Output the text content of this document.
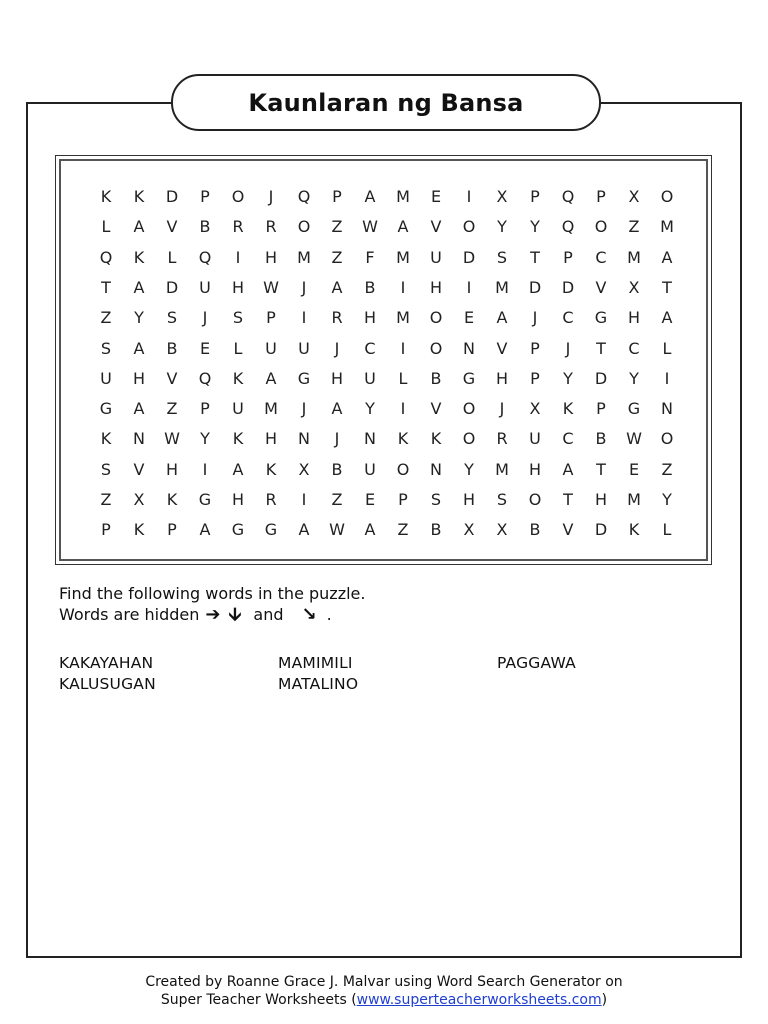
Kaunlaran ng Bansa
K	K	D	P	O	J	Q	P	A	M	E	I	X	P	Q	P	X	O
L	A	V	B	R	R	O	Z	W	A	V	O	Y	Y	Q	O	Z	M
Q	K	L	Q	I	H	M	Z	F	M	U	D	S	T	P	C	M	A
T	A	D	U	H	W	J	A	B	I	H	I	M	D	D	V	X	T
Z	Y	S	J	S	P	I	R	H	M	O	E	A	J	C	G	H	A
S	A	B	E	L	U	U	J	C	I	O	N	V	P	J	T	C	L
U	H	V	Q	K	A	G	H	U	L	B	G	H	P	Y	D	Y	I
G	A	Z	P	U	M	J	A	Y	I	V	O	J	X	K	P	G	N
K	N	W	Y	K	H	N	J	N	K	K	O	R	U	C	B	W	O
S	V	H	I	A	K	X	B	U	O	N	Y	M	H	A	T	E	Z
Z	X	K	G	H	R	I	Z	E	P	S	H	S	O	T	H	M	Y
P	K	P	A	G	G	A	W	A	Z	B	X	X	B	V	D	K	L
Find the following words in the puzzle.
Words are hidden ➔ 🡫 and ↘ .
KAKAYAHAN
KALUSUGAN
MAMIMILI
MATALINO
PAGGAWA
Created by Roanne Grace J. Malvar using Word Search Generator on
Super Teacher Worksheets (www.superteacherworksheets.com)
